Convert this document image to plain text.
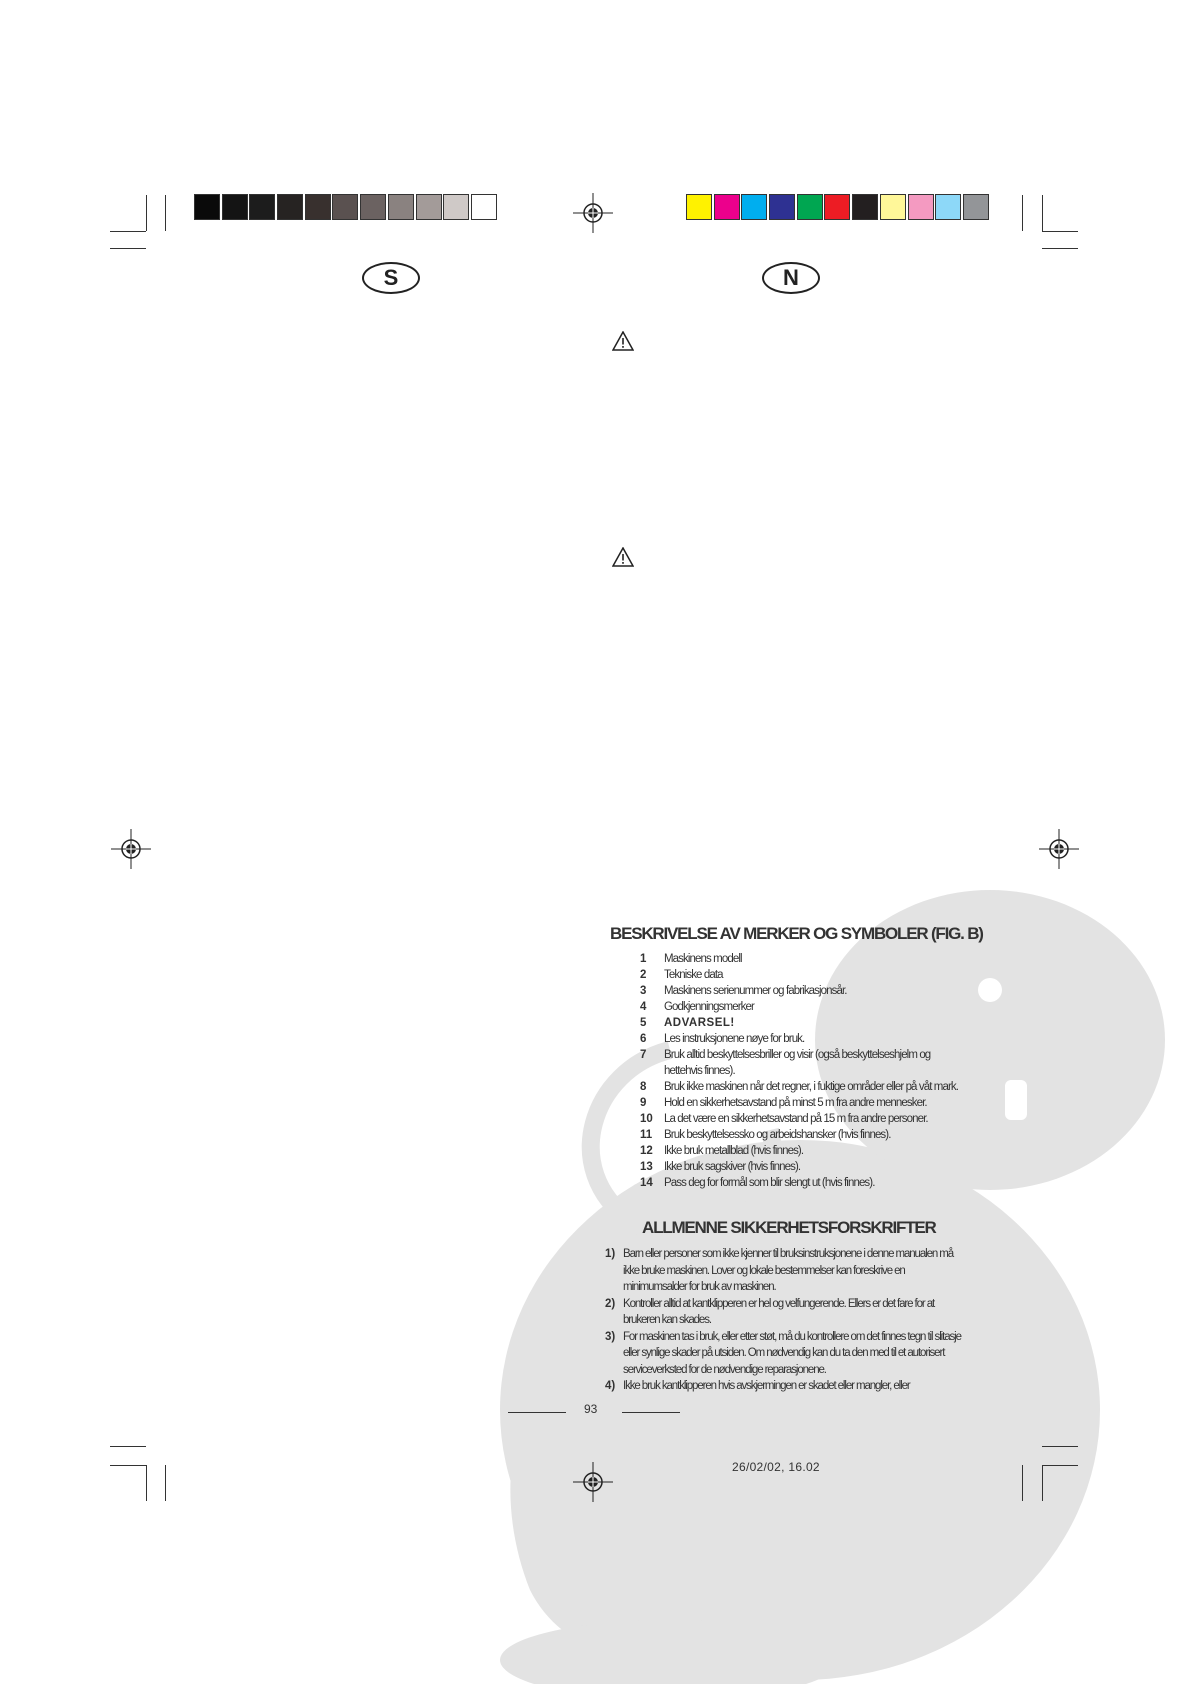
S	N
BESKRIVELSE AV MERKER OG SYMBOLER (FIG. B)
1	Maskinens modell
2	Tekniske data
3	Maskinens serienummer og fabrikasjonsår.
4	Godkjenningsmerker
5	ADVARSEL!
6	Les instruksjonene nøye for bruk.
7	Bruk alltid beskyttelsesbriller og visir (også beskyttelseshjelm og hettehvis finnes).
8	Bruk ikke maskinen når det regner, i fuktige områder eller på våt mark.
9	Hold en sikkerhetsavstand på minst 5 m fra andre mennesker.
10 La det være en sikkerhetsavstand på 15 m fra andre personer.
11	Bruk beskyttelsessko og arbeidshansker (hvis finnes).
12 Ikke bruk metallblad (hvis finnes).
13 Ikke bruk sagskiver (hvis finnes).
14 Pass deg for formål som blir slengt ut (hvis finnes).
ALLMENNE SIKKERHETSFORSKRIFTER
1) Barn eller personer som ikke kjenner til bruksinstruksjonene i denne manualen må ikke bruke maskinen. Lover og lokale bestemmelser kan foreskrive en minimumsalder for bruk av maskinen.
2) Kontroller alltid at kantklipperen er hel og velfungerende. Ellers er det fare for at brukeren kan skades.
3) For maskinen tas i bruk, eller etter støt, må du kontrollere om det finnes tegn til slitasje eller synlige skader på utsiden. Om nødvendig kan du ta den med til et autorisert serviceverksted for de nødvendige reparasjonene.
4) Ikke bruk kantklipperen hvis avskjermingen er skadet eller mangler, eller
93
26/02/02, 16.02
